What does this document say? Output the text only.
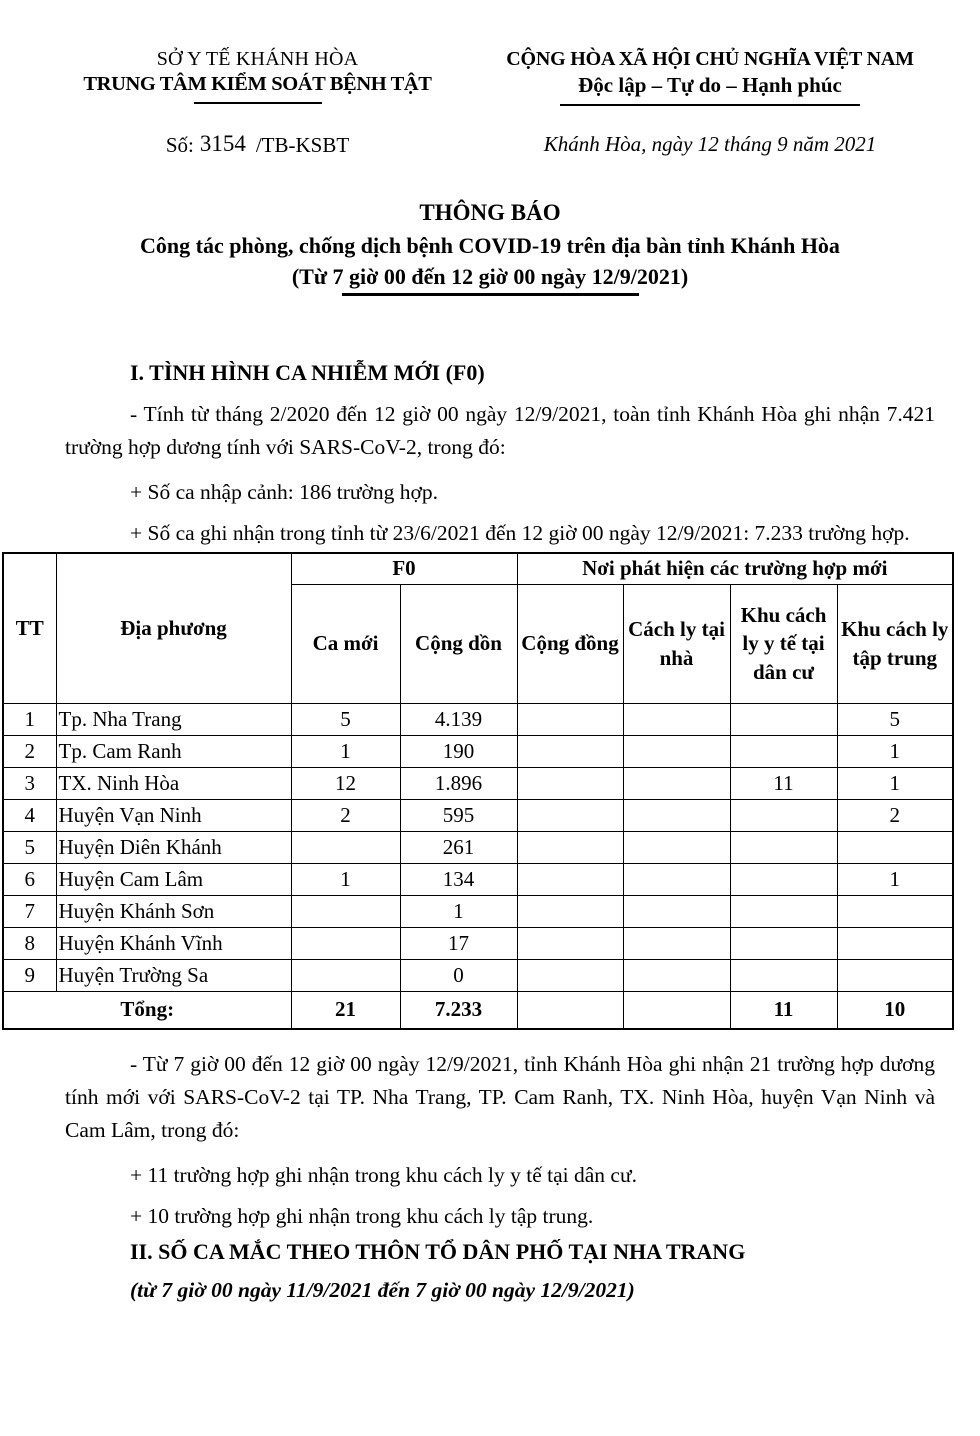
SỞ Y TẾ KHÁNH HÒA
TRUNG TÂM KIỂM SOÁT BỆNH TẬT
CỘNG HÒA XÃ HỘI CHỦ NGHĨA VIỆT NAM
Độc lập – Tự do – Hạnh phúc
Số: 3154 /TB-KSBT	Khánh Hòa, ngày 12 tháng 9 năm 2021
THÔNG BÁO
Công tác phòng, chống dịch bệnh COVID-19 trên địa bàn tỉnh Khánh Hòa
(Từ 7 giờ 00 đến 12 giờ 00 ngày 12/9/2021)
I. TÌNH HÌNH CA NHIỄM MỚI (F0)
- Tính từ tháng 2/2020 đến 12 giờ 00 ngày 12/9/2021, toàn tỉnh Khánh Hòa ghi nhận 7.421 trường hợp dương tính với SARS-CoV-2, trong đó:
+ Số ca nhập cảnh: 186 trường hợp.
+ Số ca ghi nhận trong tỉnh từ 23/6/2021 đến 12 giờ 00 ngày 12/9/2021: 7.233 trường hợp.
TT	Địa phương	F0		Nơi phát hiện các trường hợp mới			
		Ca mới	Cộng dồn	Cộng đồng	Cách ly tại nhà	Khu cách ly y tế tại dân cư	Khu cách ly tập trung
1	Tp. Nha Trang	5	4.139				5
2	Tp. Cam Ranh	1	190				1
3	TX. Ninh Hòa	12	1.896			11	1
4	Huyện Vạn Ninh	2	595				2
5	Huyện Diên Khánh		261				
6	Huyện Cam Lâm	1	134				1
7	Huyện Khánh Sơn		1				
8	Huyện Khánh Vĩnh		17				
9	Huyện Trường Sa		0				
Tổng:		21	7.233			11	10
- Từ 7 giờ 00 đến 12 giờ 00 ngày 12/9/2021, tỉnh Khánh Hòa ghi nhận 21 trường hợp dương tính mới với SARS-CoV-2 tại TP. Nha Trang, TP. Cam Ranh, TX. Ninh Hòa, huyện Vạn Ninh và Cam Lâm, trong đó:
+ 11 trường hợp ghi nhận trong khu cách ly y tế tại dân cư.
+ 10 trường hợp ghi nhận trong khu cách ly tập trung.
II. SỐ CA MẮC THEO THÔN TỔ DÂN PHỐ TẠI NHA TRANG
(từ 7 giờ 00 ngày 11/9/2021 đến 7 giờ 00 ngày 12/9/2021)
